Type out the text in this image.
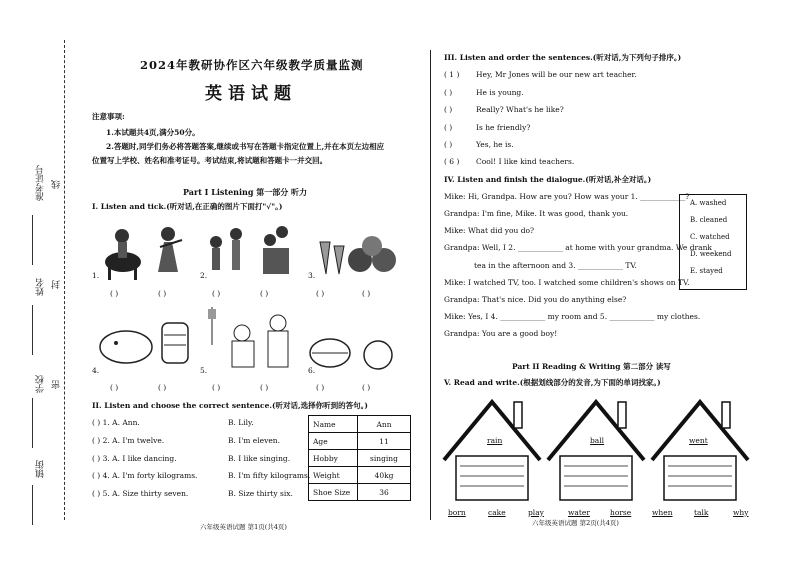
准考证号 线
姓名 封
学校 密
镇街
2024年教研协作区六年级教学质量监测
英语试题
注意事项:
1.本试题共4页,满分50分。
2.答题时,同学们务必将答题答案,继续或书写在答题卡指定位置上,并在本页左边相应
位置写上学校、姓名和准考证号。考试结束,将试题和答题卡一并交回。
Part I Listening 第一部分 听力
I. Listen and tick.(听对话,在正确的图片下面打"√"。)
1.	2.	3.
( )	( )	( )	( )	( )	( )
4.	5.	6.
( )	( )	( )	( )	( )	( )
II. Listen and choose the correct sentence.(听对话,选择你听到的答句。)
( ) 1. A. Ann.	B. Lily.
( ) 2. A. I'm twelve.	B. I'm eleven.
( ) 3. A. I like dancing.	B. I like singing.
( ) 4. A. I'm forty kilograms.	B. I'm fifty kilograms.
( ) 5. A. Size thirty seven.	B. Size thirty six.
Name	Ann
Age	11
Hobby	singing
Weight	40kg
Shoe Size	36
六年级英语试题 第1页(共4页)
III. Listen and order the sentences.(听对话,为下列句子排序。)
( 1 ) Hey, Mr Jones will be our new art teacher.
( )	He is young.
( )	Really? What's he like?
( )	Is he friendly?
( )	Yes, he is.
( 6 ) Cool! I like kind teachers.
IV. Listen and finish the dialogue.(听对话,补全对话。)
Mike: Hi, Grandpa. How are you? How was your 1. ____________?
Grandpa: I'm fine, Mike. It was good, thank you.
Mike: What did you do?
Grandpa: Well, I 2. ____________ at home with your grandma. We drank
tea in the afternoon and 3. ____________ TV.
Mike: I watched TV, too. I watched some children's shows on TV.
Grandpa: That's nice. Did you do anything else?
Mike: Yes, I 4. ____________ my room and 5. ____________ my clothes.
Grandpa: You are a good boy!
A. washed
B. cleaned
C. watched
D. weekend
E. stayed
Part II Reading & Writing 第二部分 读写
V. Read and write.(根据划线部分的发音,为下面的单词找家。)
rain	ball	went
born	cake	play	water	horse	when	talk	why
六年级英语试题 第2页(共4页)
